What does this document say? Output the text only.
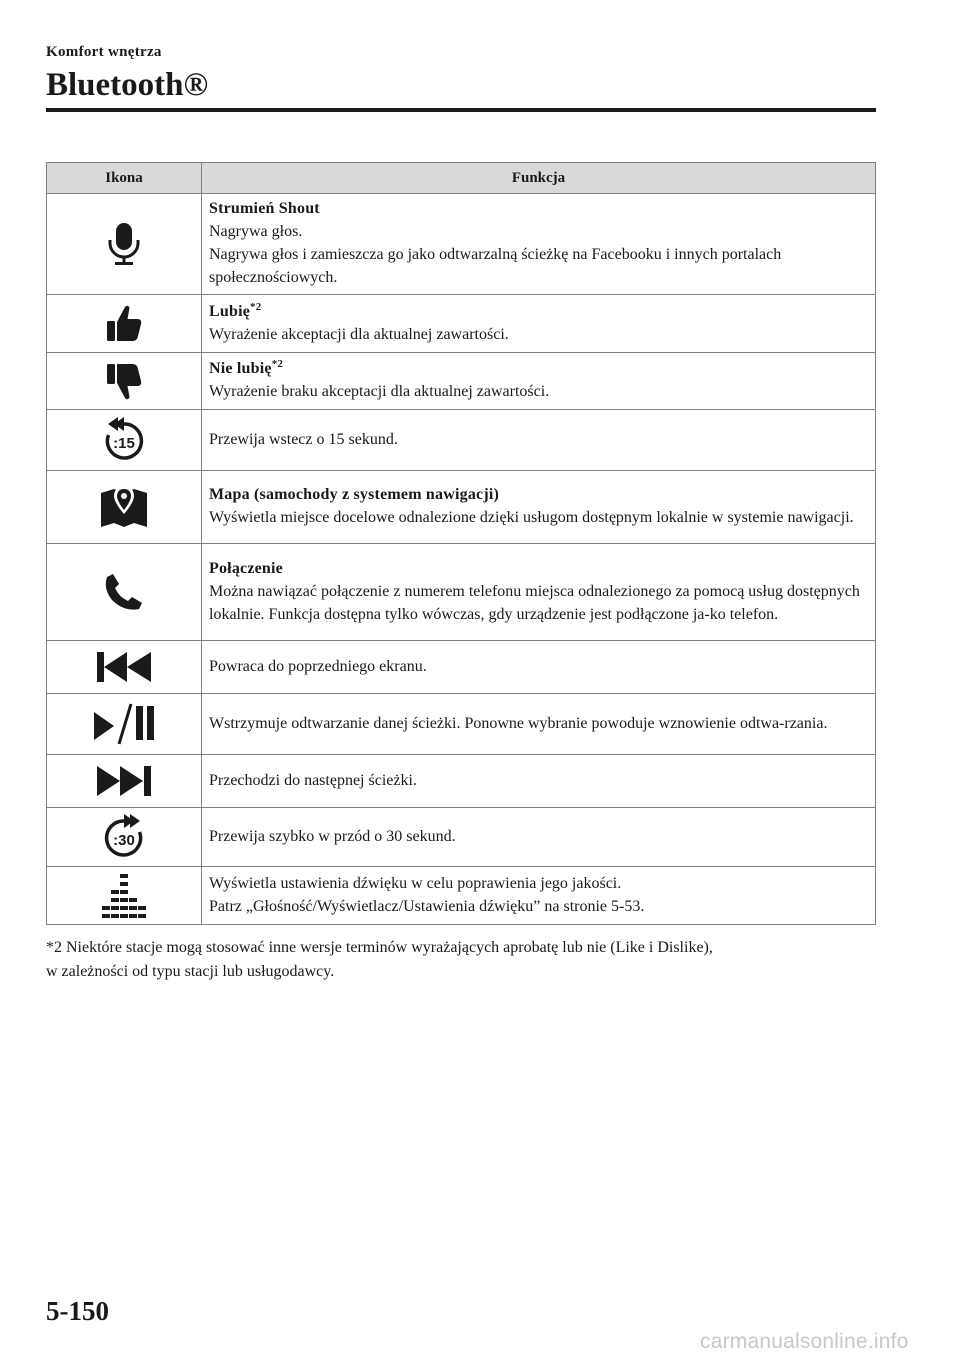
Komfort wnętrza
Bluetooth®
Ikona	Funkcja

Strumień Shout
Nagrywa głos.
Nagrywa głos i zamieszcza go jako odtwarzalną ścieżkę na Facebooku i innych portalach społecznościowych.

Lubię$^{*2}$
Wyrażenie akceptacji dla aktualnej zawartości.

Nie lubię$^{*2}$
Wyrażenie braku akceptacji dla aktualnej zawartości.

:15	Przewija wstecz o 15 sekund.

Mapa (samochody z systemem nawigacji)
Wyświetla miejsce docelowe odnalezione dzięki usługom dostępnym lokalnie w systemie nawigacji.

Połączenie
Można nawiązać połączenie z numerem telefonu miejsca odnalezionego za pomocą usług dostępnych lokalnie. Funkcja dostępna tylko wówczas, gdy urządzenie jest podłączone ja-ko telefon.

Powraca do poprzedniego ekranu.

Wstrzymuje odtwarzanie danej ścieżki. Ponowne wybranie powoduje wznowienie odtwa-rzania.

Przechodzi do następnej ścieżki.

:30	Przewija szybko w przód o 30 sekund.

Wyświetla ustawienia dźwięku w celu poprawienia jego jakości.
Patrz „Głośność/Wyświetlacz/Ustawienia dźwięku” na stronie 5-53.
*2 Niektóre stacje mogą stosować inne wersje terminów wyrażających aprobatę lub nie (Like i Dislike),
w zależności od typu stacji lub usługodawcy.
5-150
carmanualsonline.info
